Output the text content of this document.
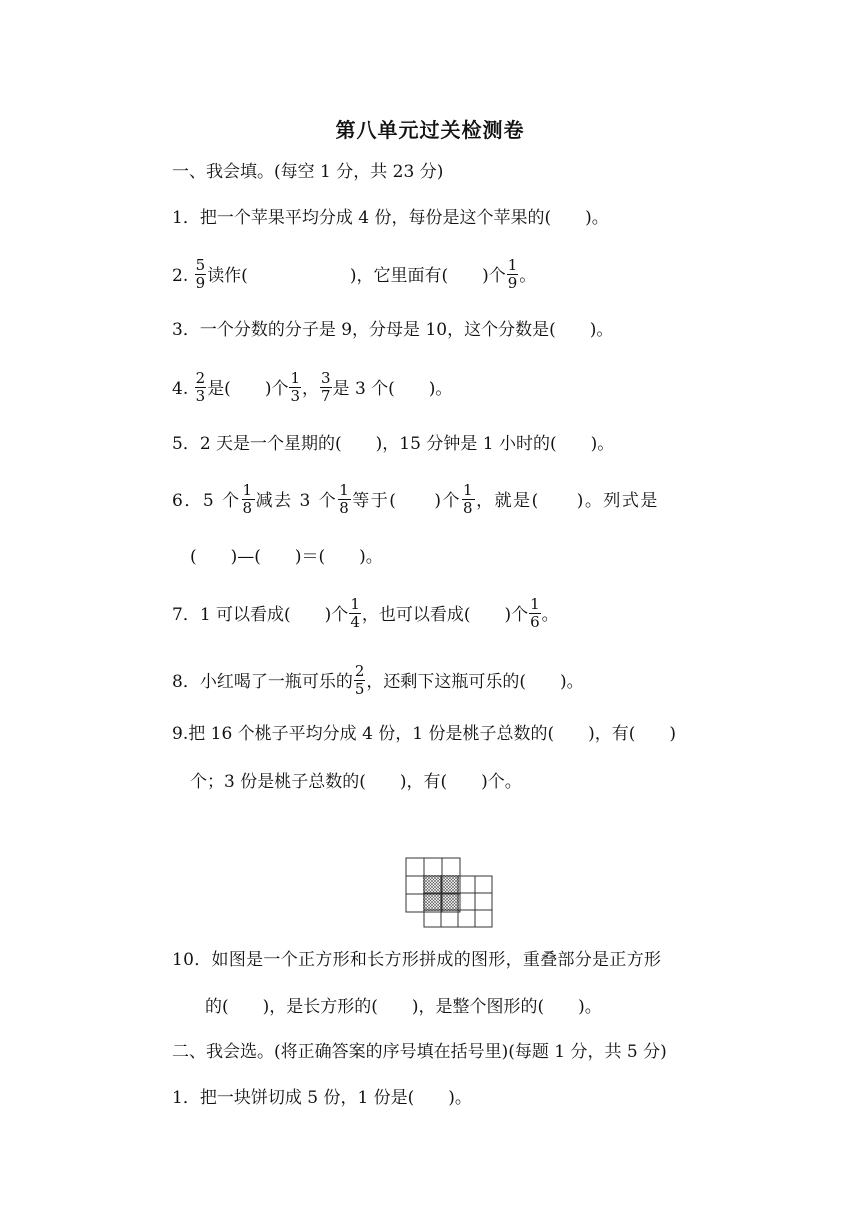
第八单元过关检测卷
一、我会填。(每空 1 分，共 23 分)
1．把一个苹果平均分成 4 份，每份是这个苹果的(　　)。
2. $\frac{5}{9}$ 读作(　　　　　　)，它里面有(　　)个 $\frac{1}{9}$ 。
3．一个分数的分子是 9，分母是 10，这个分数是(　　)。
4. $\frac{2}{3}$ 是(　　)个 $\frac{1}{3}$ ， $\frac{3}{7}$ 是 3 个(　　)。
5．2 天是一个星期的(　　)，15 分钟是 1 小时的(　　)。
6．5 个 $\frac{1}{8}$ 减去 3 个 $\frac{1}{8}$ 等于(　　)个 $\frac{1}{8}$ ，就是(　　)。列式是
(　　)—(　　)＝(　　)。
7．1 可以看成(　　)个 $\frac{1}{4}$ ，也可以看成(　　)个 $\frac{1}{6}$ 。
8．小红喝了一瓶可乐的 $\frac{2}{5}$ ，还剩下这瓶可乐的(　　)。
9.把 16 个桃子平均分成 4 份，1 份是桃子总数的(　　)，有(　　)
个；3 份是桃子总数的(　　)，有(　　)个。
10．如图是一个正方形和长方形拼成的图形，重叠部分是正方形
的(　　)，是长方形的(　　)，是整个图形的(　　)。
二、我会选。(将正确答案的序号填在括号里)(每题 1 分，共 5 分)
1．把一块饼切成 5 份，1 份是(　　)。
